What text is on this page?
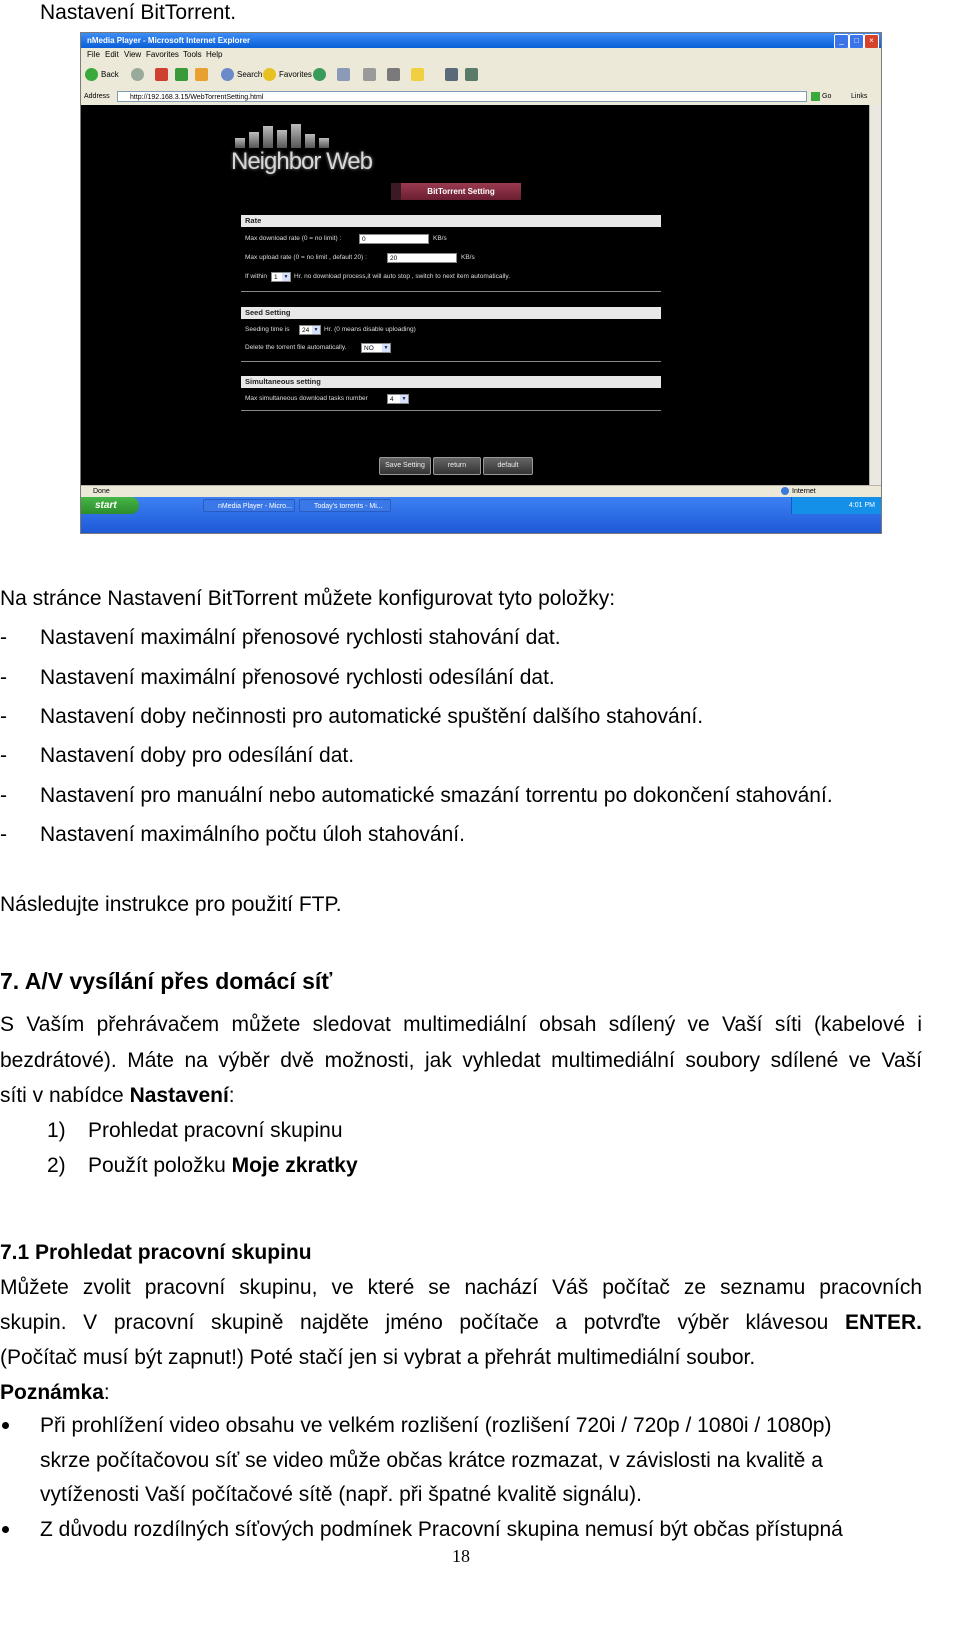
Nastavení BitTorrent.
nMedia Player - Microsoft Internet Explorer	_	□	×
File Edit View Favorites Tools Help
Back	Search	Favorites
Address	http://192.168.3.15/WebTorrentSetting.html	Go	Links
Neighbor Web
BitTorrent Setting
Rate
Max download rate (0 = no limit) :	0	KB/s
Max upload rate (0 = no limit , default 20) :	20	KB/s
If within	1	▼ Hr. no download process,it will auto stop , switch to next item automatically.
Seed Setting
Seeding time is	24 ▼ Hr. (0 means disable uploading)
Delete the torrent file automatically.	NO	▼
Simultaneous setting
Max simultaneous download tasks number	4	▼
Save Setting	return	default
Done	Internet
start	nMedia Player - Micro...	Today's torrents - Mi...	4:01 PM
Na stránce Nastavení BitTorrent můžete konfigurovat tyto položky:
- Nastavení maximální přenosové rychlosti stahování dat.
- Nastavení maximální přenosové rychlosti odesílání dat.
- Nastavení doby nečinnosti pro automatické spuštění dalšího stahování.
- Nastavení doby pro odesílání dat.
- Nastavení pro manuální nebo automatické smazání torrentu po dokončení stahování.
- Nastavení maximálního počtu úloh stahování.
Následujte instrukce pro použití FTP.
7. A/V vysílání přes domácí síť
S Vaším přehrávačem můžete sledovat multimediální obsah sdílený ve Vaší síti (kabelové i
bezdrátové). Máte na výběr dvě možnosti, jak vyhledat multimediální soubory sdílené ve Vaší
síti v nabídce Nastavení:
1) Prohledat pracovní skupinu
2) Použít položku Moje zkratky
7.1 Prohledat pracovní skupinu
Můžete zvolit pracovní skupinu, ve které se nachází Váš počítač ze seznamu pracovních
skupin. V pracovní skupině najděte jméno počítače a potvrďte výběr klávesou ENTER.
(Počítač musí být zapnut!) Poté stačí jen si vybrat a přehrát multimediální soubor.
Poznámka:
Při prohlížení video obsahu ve velkém rozlišení (rozlišení 720i / 720p / 1080i / 1080p)
skrze počítačovou síť se video může občas krátce rozmazat, v závislosti na kvalitě a
vytíženosti Vaší počítačové sítě (např. při špatné kvalitě signálu).
Z důvodu rozdílných síťových podmínek Pracovní skupina nemusí být občas přístupná
18
